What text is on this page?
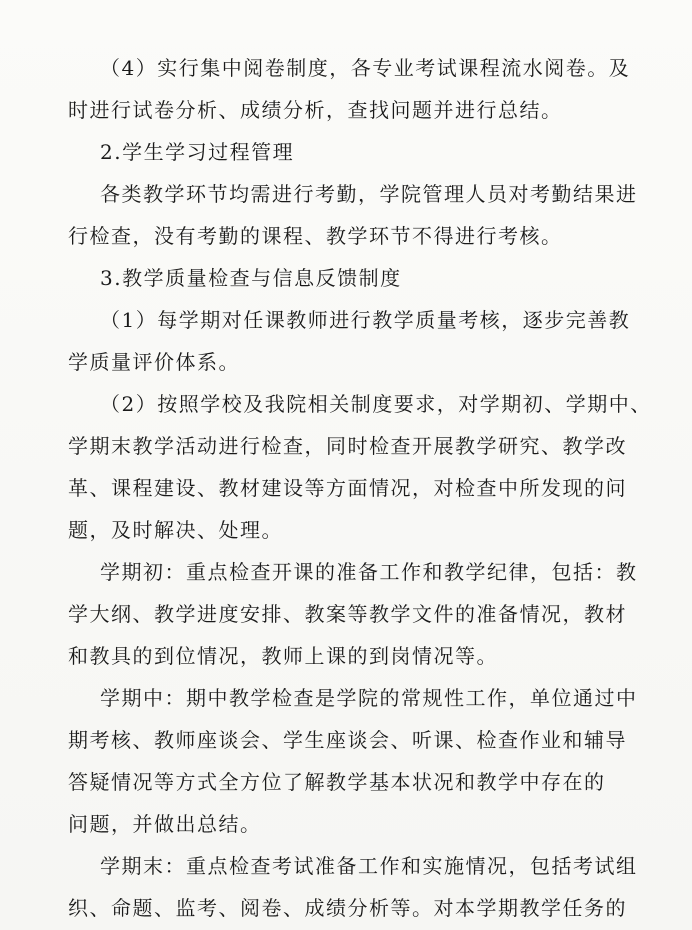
（4）实行集中阅卷制度，各专业考试课程流水阅卷。及
时进行试卷分析、成绩分析，查找问题并进行总结。
2.学生学习过程管理
各类教学环节均需进行考勤，学院管理人员对考勤结果进
行检查，没有考勤的课程、教学环节不得进行考核。
3.教学质量检查与信息反馈制度
（1）每学期对任课教师进行教学质量考核，逐步完善教
学质量评价体系。
（2）按照学校及我院相关制度要求，对学期初、学期中、
学期末教学活动进行检查，同时检查开展教学研究、教学改
革、课程建设、教材建设等方面情况，对检查中所发现的问
题，及时解决、处理。
学期初：重点检查开课的准备工作和教学纪律，包括：教
学大纲、教学进度安排、教案等教学文件的准备情况，教材
和教具的到位情况，教师上课的到岗情况等。
学期中：期中教学检查是学院的常规性工作，单位通过中
期考核、教师座谈会、学生座谈会、听课、检查作业和辅导
答疑情况等方式全方位了解教学基本状况和教学中存在的
问题，并做出总结。
学期末：重点检查考试准备工作和实施情况，包括考试组
织、命题、监考、阅卷、成绩分析等。对本学期教学任务的
